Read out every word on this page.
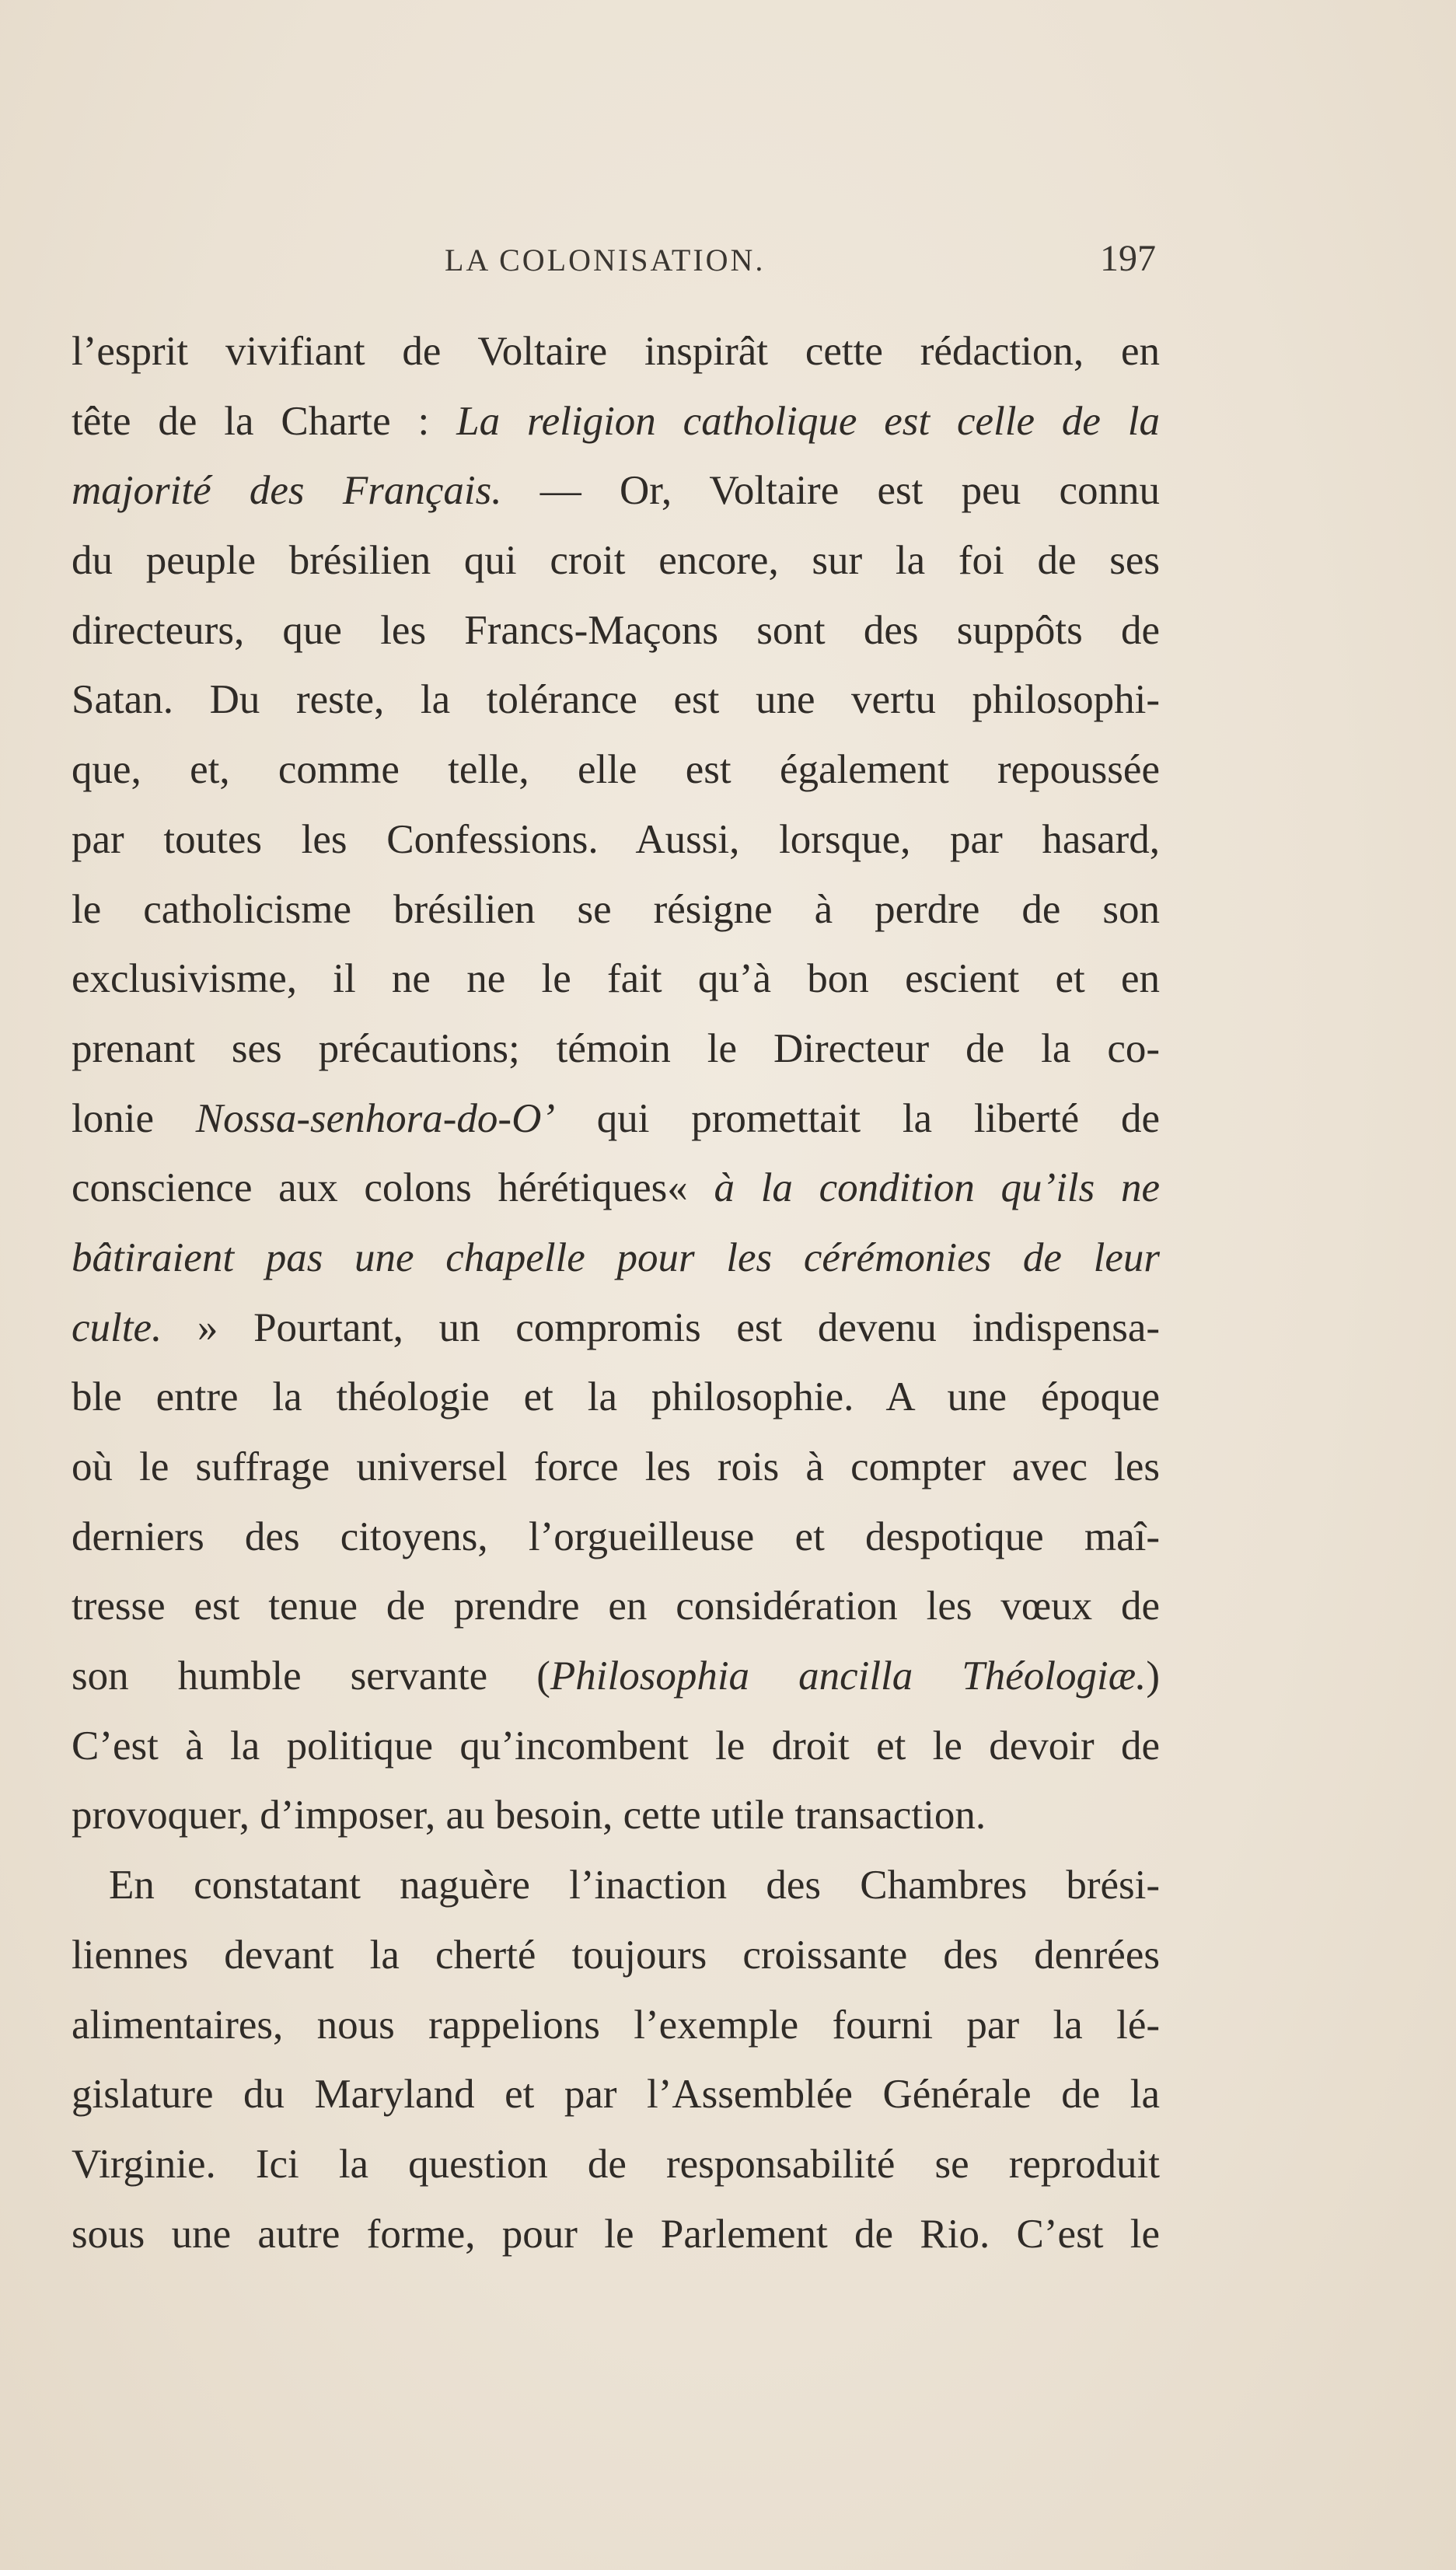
LA COLONISATION.	197
l’esprit vivifiant de Voltaire inspirât cette rédaction, en
tête de la Charte : La religion catholique est celle de la
majorité des Français. — Or, Voltaire est peu connu
du peuple brésilien qui croit encore, sur la foi de ses
directeurs, que les Francs-Maçons sont des suppôts de
Satan. Du reste, la tolérance est une vertu philosophi-
que, et, comme telle, elle est également repoussée
par toutes les Confessions. Aussi, lorsque, par hasard,
le catholicisme brésilien se résigne à perdre de son
exclusivisme, il ne ne le fait qu’à bon escient et en
prenant ses précautions; témoin le Directeur de la co-
lonie Nossa-senhora-do-O’ qui promettait la liberté de
conscience aux colons hérétiques« à la condition qu’ils ne
bâtiraient pas une chapelle pour les cérémonies de leur
culte. » Pourtant, un compromis est devenu indispensa-
ble entre la théologie et la philosophie. A une époque
où le suffrage universel force les rois à compter avec les
derniers des citoyens, l’orgueilleuse et despotique maî-
tresse est tenue de prendre en considération les vœux de
son humble servante (Philosophia ancilla Théologiæ.)
C’est à la politique qu’incombent le droit et le devoir de
provoquer, d’imposer, au besoin, cette utile transaction.
En constatant naguère l’inaction des Chambres brési-
liennes devant la cherté toujours croissante des denrées
alimentaires, nous rappelions l’exemple fourni par la lé-
gislature du Maryland et par l’Assemblée Générale de la
Virginie. Ici la question de responsabilité se reproduit
sous une autre forme, pour le Parlement de Rio. C’est le
